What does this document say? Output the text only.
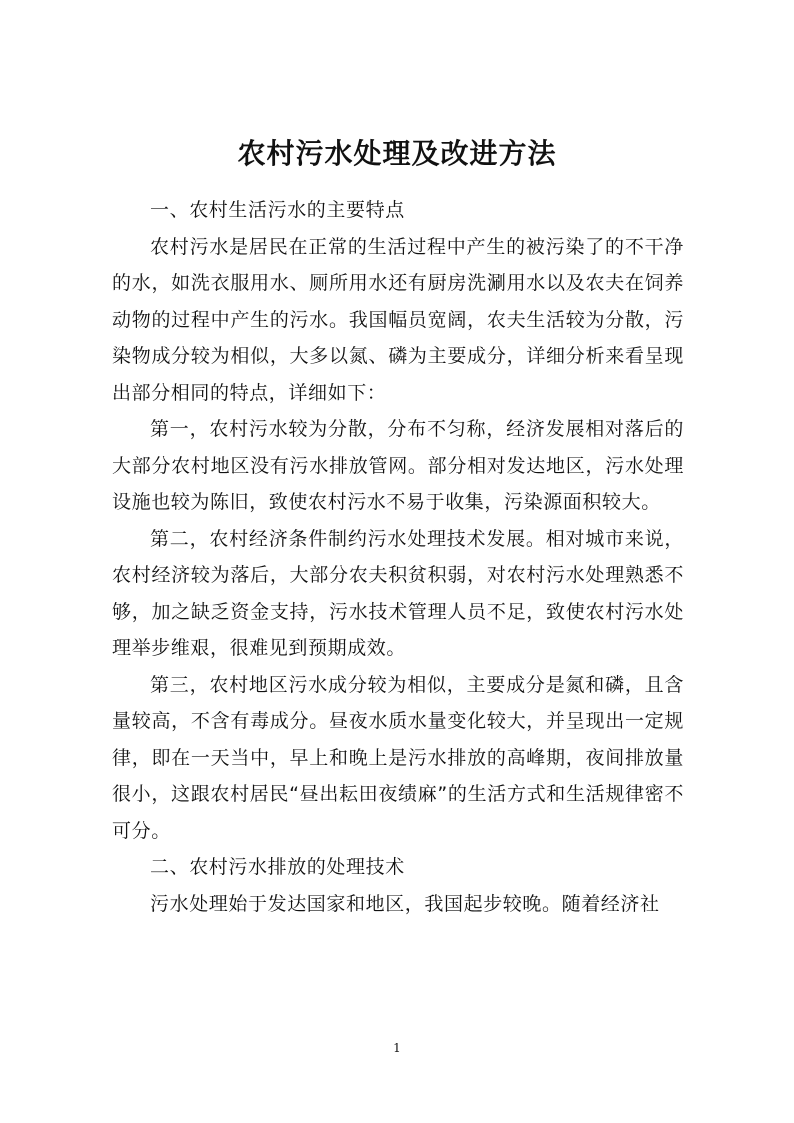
农村污水处理及改进方法

一、农村生活污水的主要特点

农村污水是居民在正常的生活过程中产生的被污染了的不干净的水，如洗衣服用水、厕所用水还有厨房洗涮用水以及农夫在饲养动物的过程中产生的污水。我国幅员宽阔，农夫生活较为分散，污染物成分较为相似，大多以氮、磷为主要成分，详细分析来看呈现出部分相同的特点，详细如下：

第一，农村污水较为分散，分布不匀称，经济发展相对落后的大部分农村地区没有污水排放管网。部分相对发达地区，污水处理设施也较为陈旧，致使农村污水不易于收集，污染源面积较大。

第二，农村经济条件制约污水处理技术发展。相对城市来说，农村经济较为落后，大部分农夫积贫积弱，对农村污水处理熟悉不够，加之缺乏资金支持，污水技术管理人员不足，致使农村污水处理举步维艰，很难见到预期成效。

第三，农村地区污水成分较为相似，主要成分是氮和磷，且含量较高，不含有毒成分。昼夜水质水量变化较大，并呈现出一定规律，即在一天当中，早上和晚上是污水排放的高峰期，夜间排放量很小，这跟农村居民“昼出耘田夜绩麻”的生活方式和生活规律密不可分。

二、农村污水排放的处理技术

污水处理始于发达国家和地区，我国起步较晚。随着经济社

1
